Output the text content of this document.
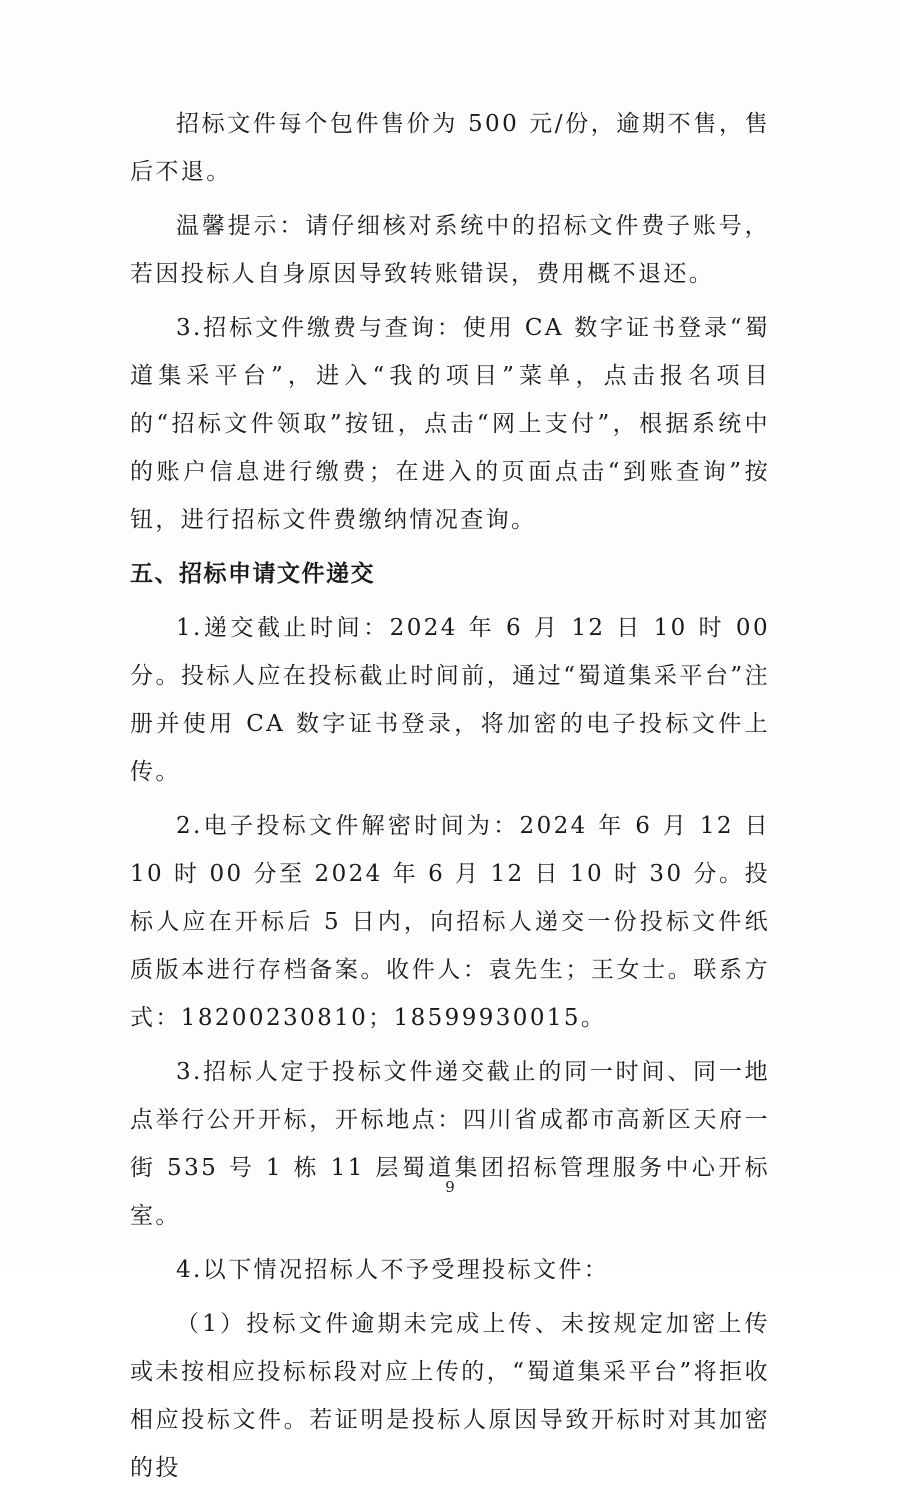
招标文件每个包件售价为 500 元/份，逾期不售，售后不退。

温馨提示：请仔细核对系统中的招标文件费子账号，若因投标人自身原因导致转账错误，费用概不退还。

3.招标文件缴费与查询：使用 CA 数字证书登录“蜀道集采平台”，进入“我的项目”菜单，点击报名项目的“招标文件领取”按钮，点击“网上支付”，根据系统中的账户信息进行缴费；在进入的页面点击“到账查询”按钮，进行招标文件费缴纳情况查询。

五、招标申请文件递交

1.递交截止时间：2024 年 6 月 12 日 10 时 00 分。投标人应在投标截止时间前，通过“蜀道集采平台”注册并使用 CA 数字证书登录，将加密的电子投标文件上传。

2.电子投标文件解密时间为：2024 年 6 月 12 日 10 时 00 分至 2024 年 6 月 12 日 10 时 30 分。投标人应在开标后 5 日内，向招标人递交一份投标文件纸质版本进行存档备案。收件人：袁先生；王女士。联系方式：18200230810；18599930015。

3.招标人定于投标文件递交截止的同一时间、同一地点举行公开开标，开标地点：四川省成都市高新区天府一街 535 号 1 栋 11 层蜀道集团招标管理服务中心开标室。

4.以下情况招标人不予受理投标文件：

（1）投标文件逾期未完成上传、未按规定加密上传或未按相应投标标段对应上传的，“蜀道集采平台”将拒收相应投标文件。若证明是投标人原因导致开标时对其加密的投

9
